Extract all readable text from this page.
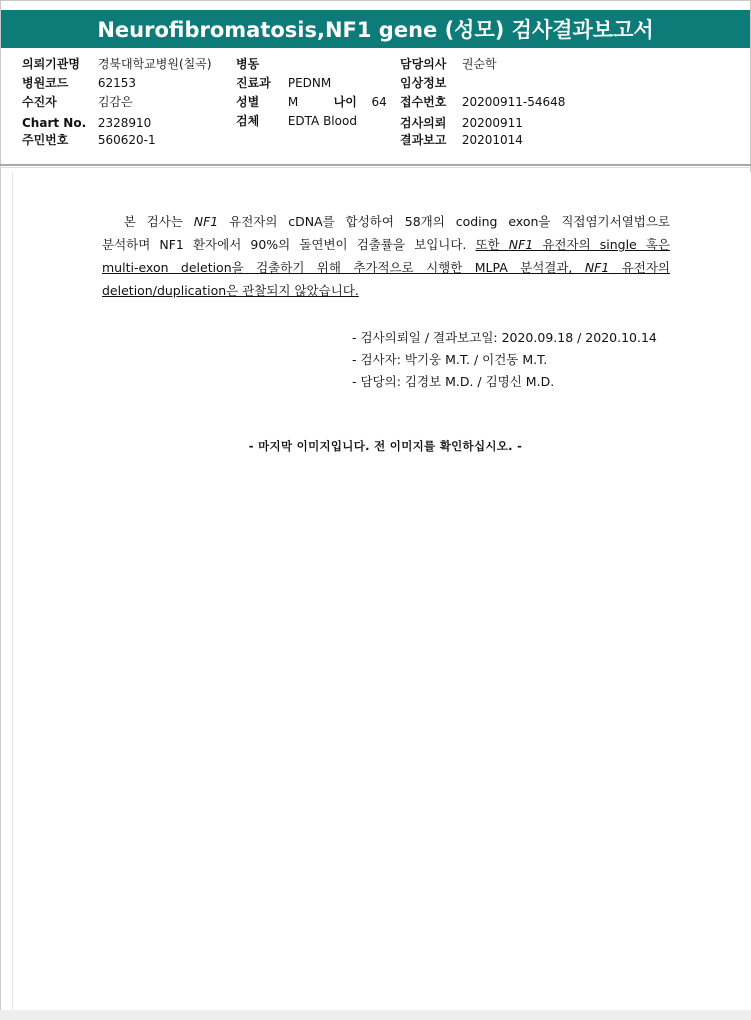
Neurofibromatosis,NF1 gene (성모) 검사결과보고서
의뢰기관명 경북대학교병원(칠곡)
병원코드 62153
수진자	김감은
Chart No. 2328910
주민번호 560620-1
병동
진료과 PEDNM
성별 M	나이 64
검체 EDTA Blood
담당의사 권순학
임상정보
접수번호 20200911-54648
검사의뢰 20200911
결과보고 20201014
본 검사는 NF1 유전자의 cDNA를 합성하여 58개의 coding exon을 직접염기서열법으로
분석하며 NF1 환자에서 90%의 돌연변이 검출률을 보입니다. 또한 NF1 유전자의 single 혹은
multi-exon deletion을 검출하기 위해 추가적으로 시행한 MLPA 분석결과, NF1 유전자의
deletion/duplication은 관찰되지 않았습니다.
- 검사의뢰일 / 결과보고일: 2020.09.18 / 2020.10.14
- 검사자: 박기웅 M.T. / 이건동 M.T.
- 담당의: 김경보 M.D. / 김명신 M.D.
- 마지막 이미지입니다. 전 이미지를 확인하십시오. -
